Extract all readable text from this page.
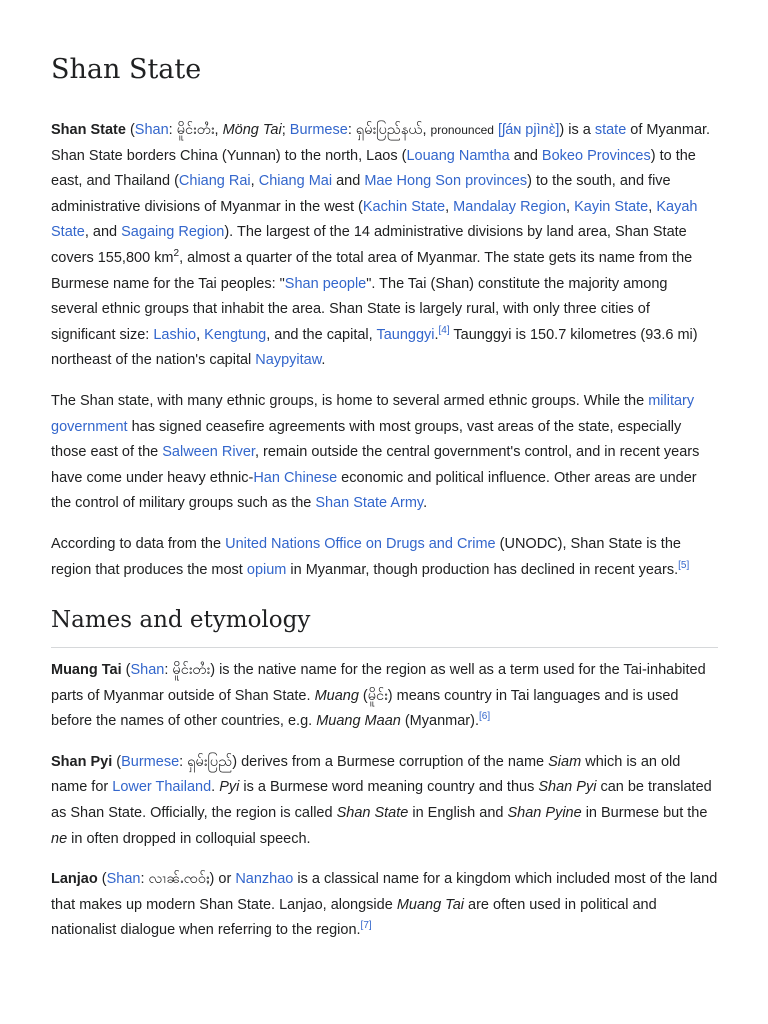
Shan State

Shan State (Shan: မိူင်းတႆး, Möng Tai; Burmese: ရှမ်းပြည်နယ်, pronounced [ʃáɴ pjìnɛ̀]) is a state of Myanmar. Shan State borders China (Yunnan) to the north, Laos (Louang Namtha and Bokeo Provinces) to the east, and Thailand (Chiang Rai, Chiang Mai and Mae Hong Son provinces) to the south, and five administrative divisions of Myanmar in the west (Kachin State, Mandalay Region, Kayin State, Kayah State, and Sagaing Region). The largest of the 14 administrative divisions by land area, Shan State covers 155,800 $km^2$, almost a quarter of the total area of Myanmar. The state gets its name from the Burmese name for the Tai peoples: "Shan people". The Tai (Shan) constitute the majority among several ethnic groups that inhabit the area. Shan State is largely rural, with only three cities of significant size: Lashio, Kengtung, and the capital, Taunggyi.[4] Taunggyi is 150.7 kilometres (93.6 mi) northeast of the nation's capital Naypyitaw.

The Shan state, with many ethnic groups, is home to several armed ethnic groups. While the military government has signed ceasefire agreements with most groups, vast areas of the state, especially those east of the Salween River, remain outside the central government's control, and in recent years have come under heavy ethnic-Han Chinese economic and political influence. Other areas are under the control of military groups such as the Shan State Army.

According to data from the United Nations Office on Drugs and Crime (UNODC), Shan State is the region that produces the most opium in Myanmar, though production has declined in recent years.[5]

Names and etymology

Muang Tai (Shan: မိူင်းတႆး) is the native name for the region as well as a term used for the Tai-inhabited parts of Myanmar outside of Shan State. Muang (မိူင်း) means country in Tai languages and is used before the names of other countries, e.g. Muang Maan (Myanmar).[6]

Shan Pyi (Burmese: ရှမ်းပြည်) derives from a Burmese corruption of the name Siam which is an old name for Lower Thailand. Pyi is a Burmese word meaning country and thus Shan Pyi can be translated as Shan State. Officially, the region is called Shan State in English and Shan Pyine in Burmese but the ne in often dropped in colloquial speech.

Lanjao (Shan: လၢၼ်ႉၸဝ်ႈ) or Nanzhao is a classical name for a kingdom which included most of the land that makes up modern Shan State. Lanjao, alongside Muang Tai are often used in political and nationalist dialogue when referring to the region.[7]
